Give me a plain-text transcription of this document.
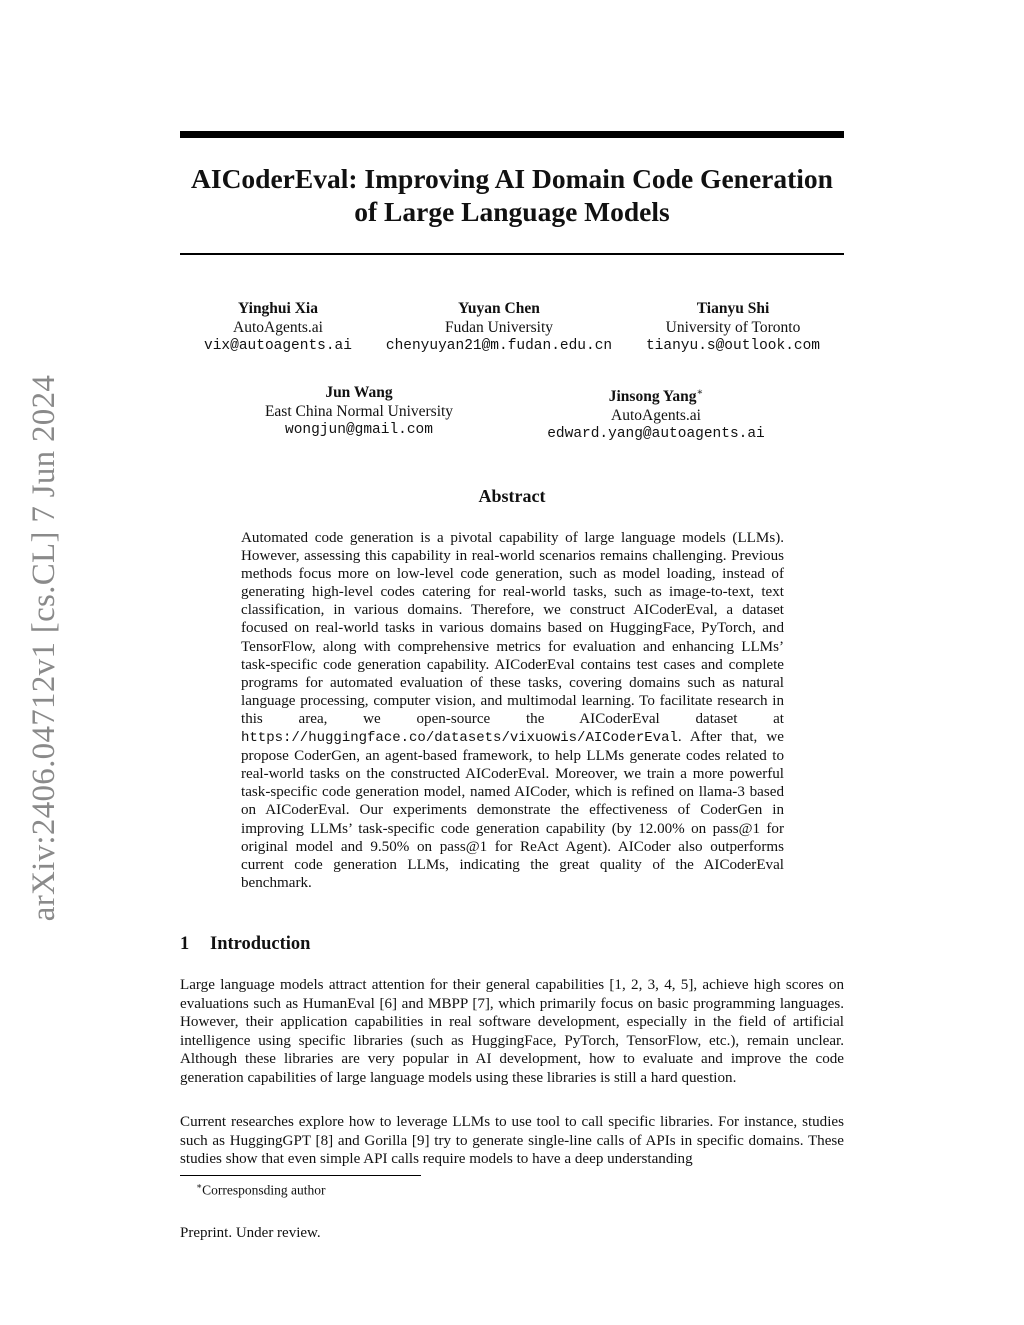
arXiv:2406.04712v1 [cs.CL] 7 Jun 2024
AICoderEval: Improving AI Domain Code Generation
of Large Language Models
Yinghui Xia
AutoAgents.ai
vix@autoagents.ai
Yuyan Chen
Fudan University
chenyuyan21@m.fudan.edu.cn
Tianyu Shi
University of Toronto
tianyu.s@outlook.com
Jun Wang
East China Normal University
wongjun@gmail.com
Jinsong Yang∗
AutoAgents.ai
edward.yang@autoagents.ai
Abstract

Automated code generation is a pivotal capability of large language models (LLMs). However, assessing this capability in real-world scenarios remains challenging. Previous methods focus more on low-level code generation, such as model loading, instead of generating high-level codes catering for real-world tasks, such as image-to-text, text classification, in various domains. Therefore, we construct AICoderEval, a dataset focused on real-world tasks in various domains based on HuggingFace, PyTorch, and TensorFlow, along with comprehensive metrics for evaluation and enhancing LLMs’ task-specific code generation capability. AICoderEval contains test cases and complete programs for automated evaluation of these tasks, covering domains such as natural language processing, computer vision, and multimodal learning. To facilitate research in this area, we open-source the AICoderEval dataset at https://huggingface.co/datasets/vixuowis/AICoderEval. After that, we propose CoderGen, an agent-based framework, to help LLMs generate codes related to real-world tasks on the constructed AICoderEval. Moreover, we train a more powerful task-specific code generation model, named AICoder, which is refined on llama-3 based on AICoderEval. Our experiments demonstrate the effectiveness of CoderGen in improving LLMs’ task-specific code generation capability (by 12.00% on pass@1 for original model and 9.50% on pass@1 for ReAct Agent). AICoder also outperforms current code generation LLMs, indicating the great quality of the AICoderEval benchmark.

1 Introduction

Large language models attract attention for their general capabilities [1, 2, 3, 4, 5], achieve high scores on evaluations such as HumanEval [6] and MBPP [7], which primarily focus on basic programming languages. However, their application capabilities in real software development, especially in the field of artificial intelligence using specific libraries (such as HuggingFace, PyTorch, TensorFlow, etc.), remain unclear. Although these libraries are very popular in AI development, how to evaluate and improve the code generation capabilities of large language models using these libraries is still a hard question.

Current researches explore how to leverage LLMs to use tool to call specific libraries. For instance, studies such as HuggingGPT [8] and Gorilla [9] try to generate single-line calls of APIs in specific domains. These studies show that even simple API calls require models to have a deep understanding

∗Corresponsding author

Preprint. Under review.
